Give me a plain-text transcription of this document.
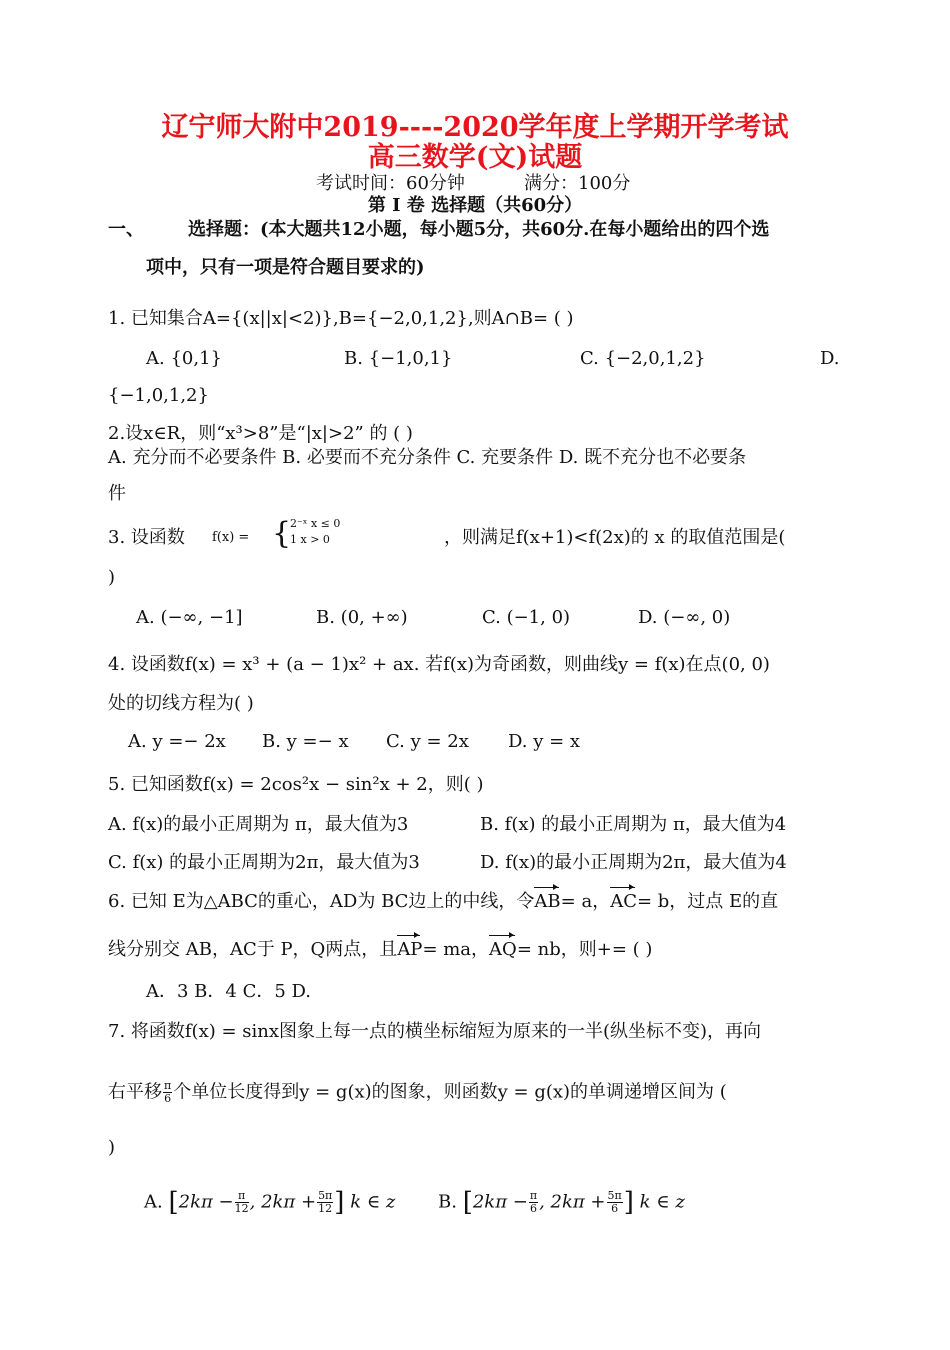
辽宁师大附中2019----2020学年度上学期开学考试
高三数学(文)试题
考试时间：60分钟	满分：100分
第 I 卷 选择题（共60分）
一、 选择题：(本大题共12小题，每小题5分，共60分.在每小题给出的四个选
项中，只有一项是符合题目要求的)
1. 已知集合A={(x||x|<2)},B={−2,0,1,2},则A∩B= ( )
A. {0,1}	B. {−1,0,1}	C. {−2,0,1,2}	D.
{−1,0,1,2}
2.设x∈R，则“x³>8”是“|x|>2” 的 ( )
A. 充分而不必要条件 B. 必要而不充分条件 C. 充要条件 D. 既不充分也不必要条
件
3. 设函数 f(x) = {
2⁻ˣ x ≤ 0
1 x > 0	，则满足f(x+1)<f(2x)的 x 的取值范围是(
)
A. (−∞, −1]	B. (0, +∞)	C. (−1, 0)	D. (−∞, 0)
4. 设函数f(x) = x³ + (a − 1)x² + ax. 若f(x)为奇函数，则曲线y = f(x)在点(0, 0)
处的切线方程为( )
A. y =− 2x B. y =− x C. y = 2x D. y = x
5. 已知函数f(x) = 2cos²x − sin²x + 2，则( )
A. f(x)的最小正周期为 π，最大值为3	B. f(x) 的最小正周期为 π，最大值为4
C. f(x) 的最小正周期为2π，最大值为3	D. f(x)的最小正周期为2π，最大值为4
6. 已知 E为△ABC的重心，AD为 BC边上的中线，令AB= a，AC= b，过点 E的直
线分别交 AB，AC于 P，Q两点，且AP= ma，AQ= nb，则+= ( )
A．3 B．4 C．5 D.
7. 将函数f(x) = sinx图象上每一点的横坐标缩短为原来的一半(纵坐标不变)，再向
右平移 $\frac{\pi}{6}$ 个单位长度得到y = g(x)的图象，则函数y = g(x)的单调递增区间为 (
)
A. [$2k\pi - \frac{\pi}{12}$ , $2k\pi + \frac{5\pi}{12}$ ] k ∈ z B. [$2k\pi - \frac{\pi}{6}$ , $2k\pi + \frac{5\pi}{6}$ ] k ∈ z
